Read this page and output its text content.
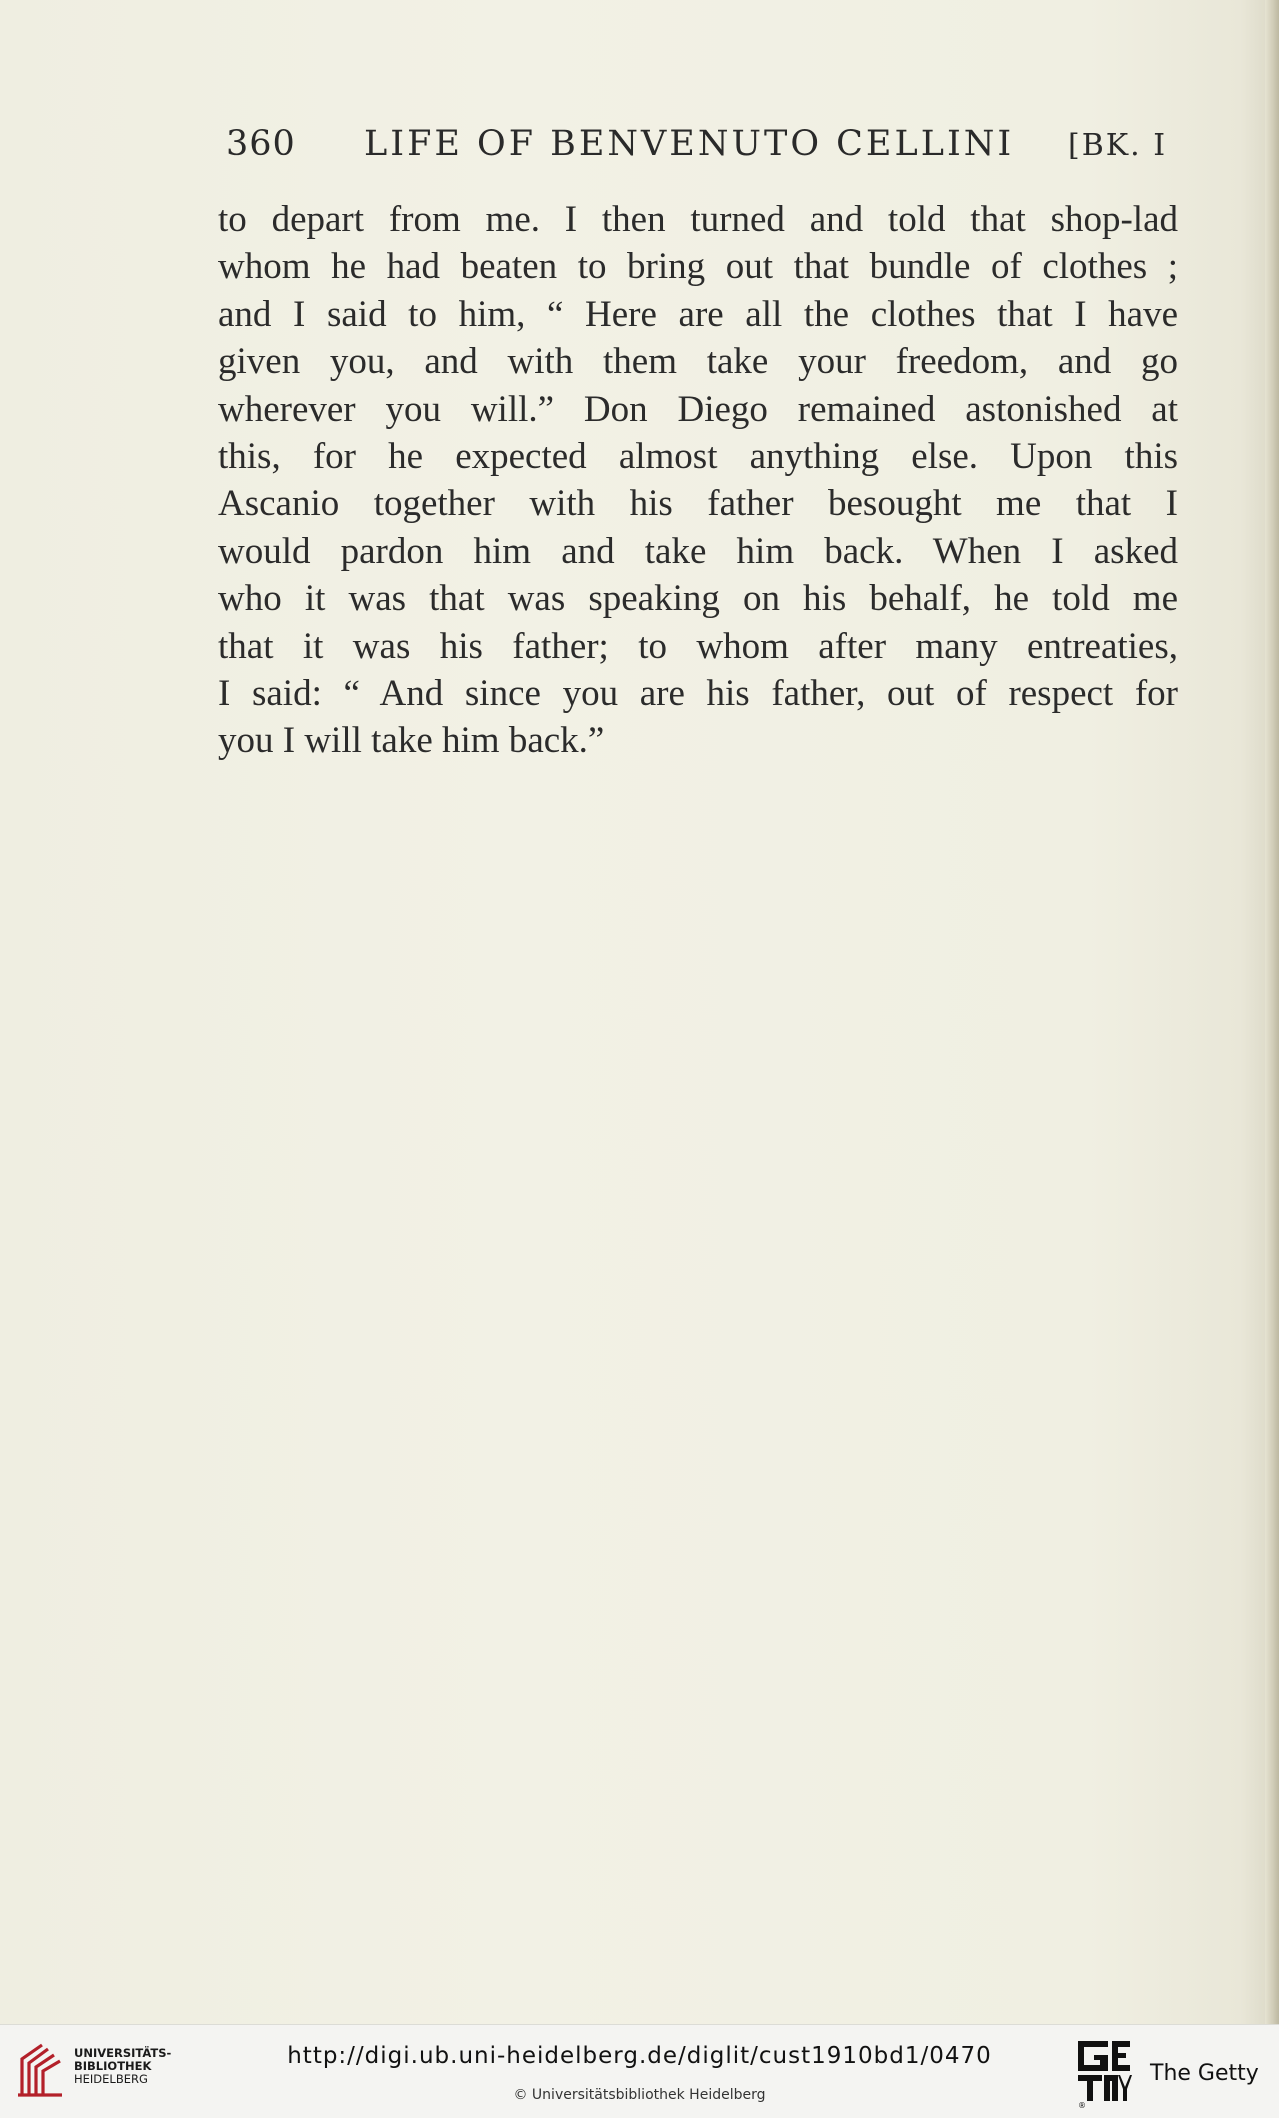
360 LIFE OF BENVENUTO CELLINI [BK. I
to depart from me. I then turned and told that shop-lad
whom he had beaten to bring out that bundle of clothes ;
and I said to him, “ Here are all the clothes that I have
given you, and with them take your freedom, and go
wherever you will.” Don Diego remained astonished at
this, for he expected almost anything else. Upon this
Ascanio together with his father besought me that I
would pardon him and take him back. When I asked
who it was that was speaking on his behalf, he told me
that it was his father; to whom after many entreaties,
I said: “ And since you are his father, out of respect for
you I will take him back.”
UNIVERSITÄTS-
BIBLIOTHEK
HEIDELBERG
http://digi.ub.uni-heidelberg.de/diglit/cust1910bd1/0470
© Universitätsbibliothek Heidelberg
®
The Getty
